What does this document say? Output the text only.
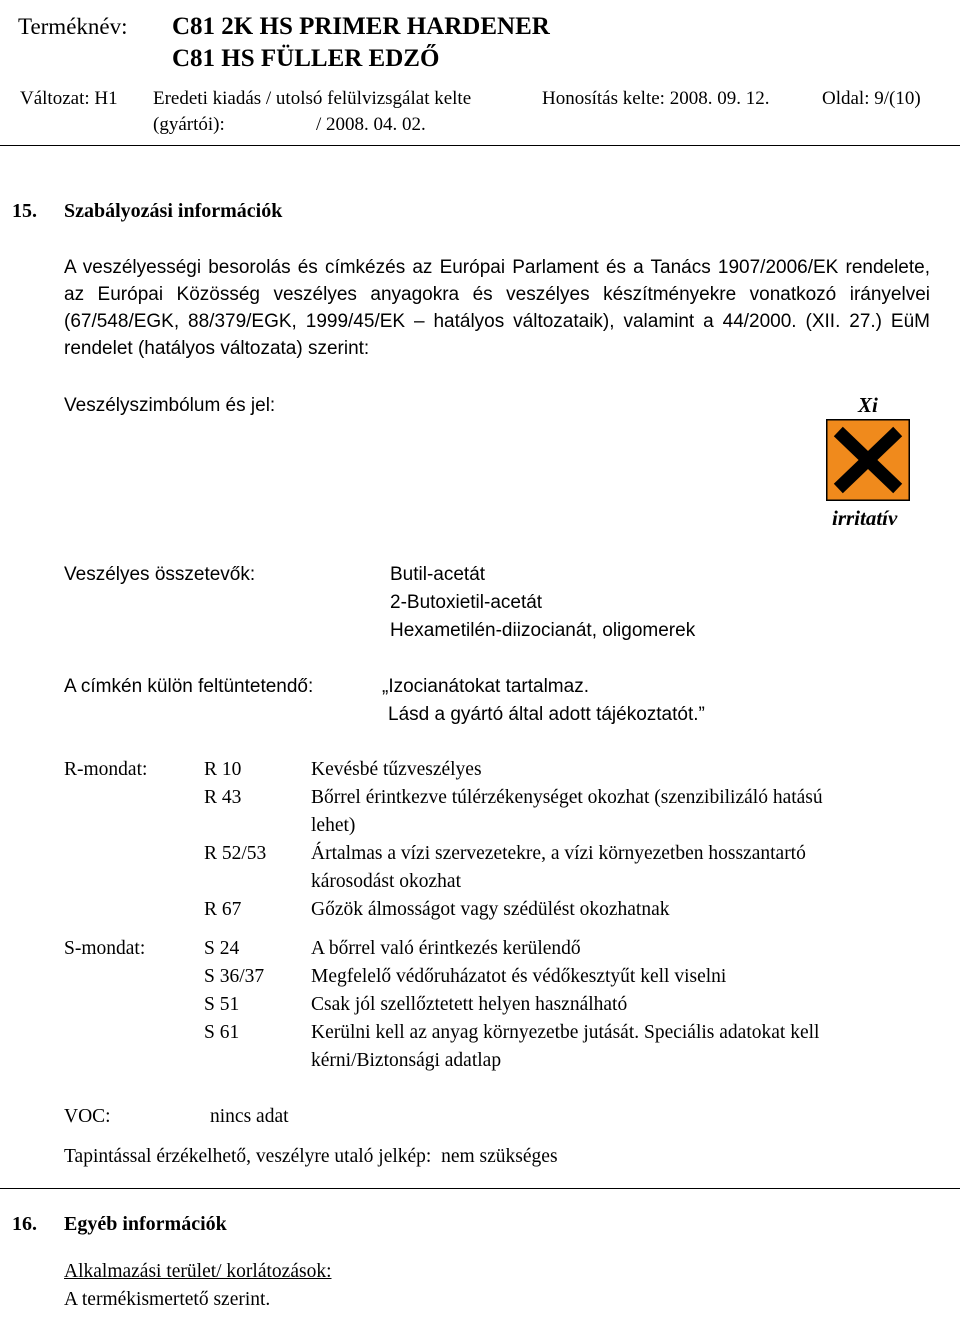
Terméknév: C81 2K HS PRIMER HARDENER
C81 HS FÜLLER EDZŐ
Változat: H1 Eredeti kiadás / utolsó felülvizsgálat kelte
(gyártói):	/ 2008. 04. 02.
Honosítás kelte: 2008. 09. 12.	Oldal: 9/(10)
15. Szabályozási információk
A veszélyességi besorolás és címkézés az Európai Parlament és a Tanács 1907/2006/EK rendelete, az Európai Közösség veszélyes anyagokra és veszélyes készítményekre vonatkozó irányelvei (67/548/EGK, 88/379/EGK, 1999/45/EK – hatályos változataik), valamint a 44/2000. (XII. 27.) EüM rendelet (hatályos változata) szerint:
Veszélyszimbólum és jel:	Xi
irritatív
Veszélyes összetevők:	Butil-acetát
2-Butoxietil-acetát
Hexametilén-diizocianát, oligomerek
A címkén külön feltüntetendő:	„Izocianátokat tartalmaz.
Lásd a gyártó által adott tájékoztatót.”
R-mondat:	R 10	Kevésbé tűzveszélyes
R 43	Bőrrel érintkezve túlérzékenységet okozhat (szenzibilizáló hatású
lehet)
R 52/53 Ártalmas a vízi szervezetekre, a vízi környezetben hosszantartó
károsodást okozhat
R 67	Gőzök álmosságot vagy szédülést okozhatnak
S-mondat:	S 24	A bőrrel való érintkezés kerülendő
S 36/37 Megfelelő védőruházatot és védőkesztyűt kell viselni
S 51	Csak jól szellőztetett helyen használható
S 61	Kerülni kell az anyag környezetbe jutását. Speciális adatokat kell
kérni/Biztonsági adatlap
VOC:	nincs adat
Tapintással érzékelhető, veszélyre utaló jelkép:  nem szükséges
16. Egyéb információk
Alkalmazási terület/ korlátozások:
A termékismertető szerint.
